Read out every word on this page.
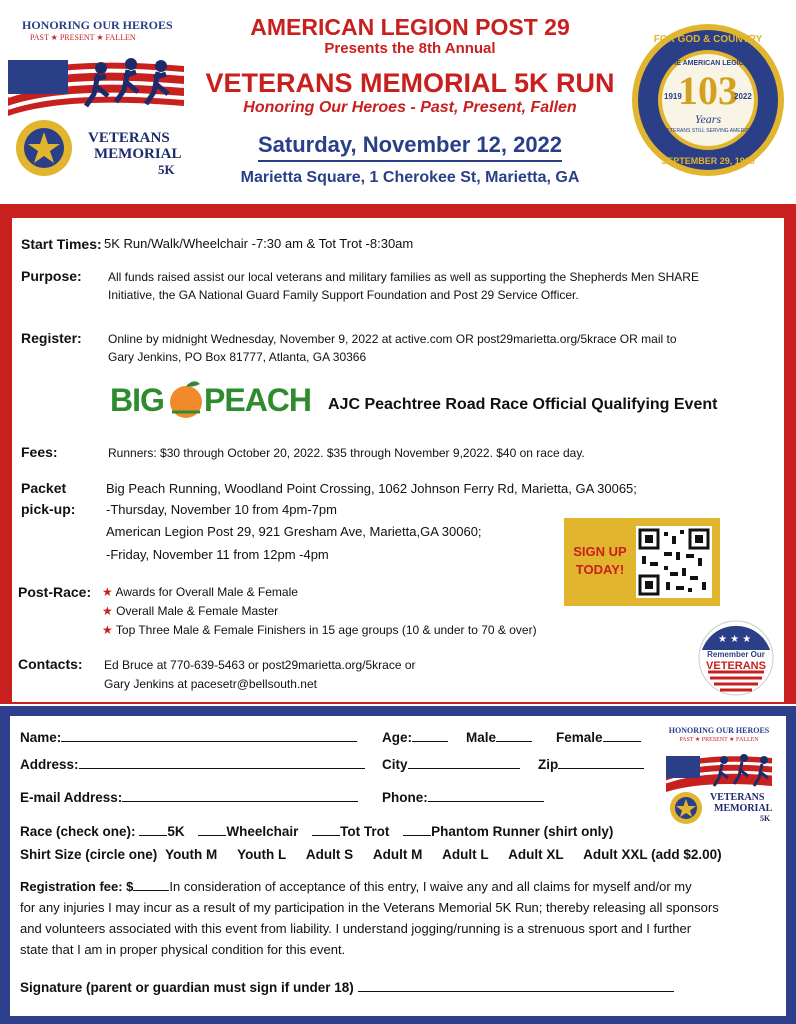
HONORING OUR HEROES
PAST ★ PRESENT ★ FALLEN
VETERANS
MEMORIAL
5K
AMERICAN LEGION POST 29
Presents the 8th Annual
VETERANS MEMORIAL 5K RUN
Honoring Our Heroes - Past, Present, Fallen
Saturday, November 12, 2022
Marietta Square, 1 Cherokee St, Marietta, GA
FOR GOD & COUNTRY
THE AMERICAN LEGION
103
Years
1919	2022
VETERANS STILL SERVING AMERICA
SEPTEMBER 29, 1919
Start Times: 5K Run/Walk/Wheelchair -7:30 am & Tot Trot -8:30am
Purpose: All funds raised assist our local veterans and military families as well as supporting the Shepherds Men SHARE
Initiative, the GA National Guard Family Support Foundation and Post 29 Service Officer.
Register: Online by midnight Wednesday, November 9, 2022 at active.com OR post29marietta.org/5krace OR mail to
Gary Jenkins, PO Box 81777, Atlanta, GA 30366
BIG PEACH AJC Peachtree Road Race Official Qualifying Event
Fees:	Runners: $30 through October 20, 2022. $35 through November 9,2022. $40 on race day.
Packet
pick-up:
Big Peach Running, Woodland Point Crossing, 1062 Johnson Ferry Rd, Marietta, GA 30065;
-Thursday, November 10 from 4pm-7pm
American Legion Post 29, 921 Gresham Ave, Marietta,GA 30060;
-Friday, November 11 from 12pm -4pm	SIGN UP
TODAY!
Post-Race: ★ Awards for Overall Male & Female
★ Overall Male & Female Master
★ Top Three Male & Female Finishers in 15 age groups (10 & under to 70 & over)
Contacts: Ed Bruce at 770-639-5463 or post29marietta.org/5krace or
Gary Jenkins at pacesetr@bellsouth.net
★ ★ ★
Remember Our
VETERANS
Name:	Age:	Male	Female
Address:	City	Zip
E-mail Address:	Phone:
HONORING OUR HEROES
PAST ★ PRESENT ★ FALLEN
VETERANS
MEMORIAL
5K
Race (check one): 5K	Wheelchair	Tot Trot	Phantom Runner (shirt only)
Shirt Size (circle one) Youth M Youth L Adult S Adult M Adult L Adult XL Adult XXL (add $2.00)
Registration fee: $	In consideration of acceptance of this entry, I waive any and all claims for myself and/or my
for any injuries I may incur as a result of my participation in the Veterans Memorial 5K Run; thereby releasing all sponsors
and volunteers associated with this event from liability. I understand jogging/running is a strenuous sport and I further
state that I am in proper physical condition for this event.
Signature (parent or guardian must sign if under 18)
